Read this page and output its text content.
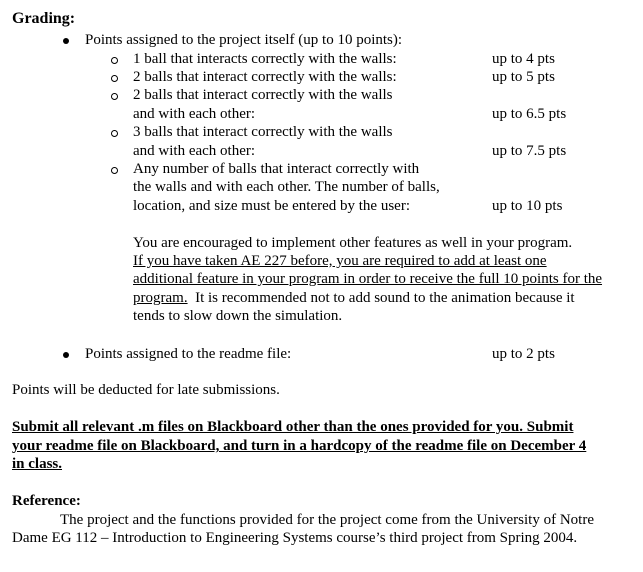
Grading:
Points assigned to the project itself (up to 10 points):
1 ball that interacts correctly with the walls:	up to 4 pts
2 balls that interact correctly with the walls:	up to 5 pts
2 balls that interact correctly with the walls
and with each other:	up to 6.5 pts
3 balls that interact correctly with the walls
and with each other:	up to 7.5 pts
Any number of balls that interact correctly with
the walls and with each other. The number of balls,
location, and size must be entered by the user:	up to 10 pts
You are encouraged to implement other features as well in your program.
If you have taken AE 227 before, you are required to add at least one
additional feature in your program in order to receive the full 10 points for the
program.  It is recommended not to add sound to the animation because it
tends to slow down the simulation.
Points assigned to the readme file:	up to 2 pts
Points will be deducted for late submissions.
Submit all relevant .m files on Blackboard other than the ones provided for you. Submit
your readme file on Blackboard, and turn in a hardcopy of the readme file on December 4
in class.
Reference:
The project and the functions provided for the project come from the University of Notre
Dame EG 112 – Introduction to Engineering Systems course’s third project from Spring 2004.
